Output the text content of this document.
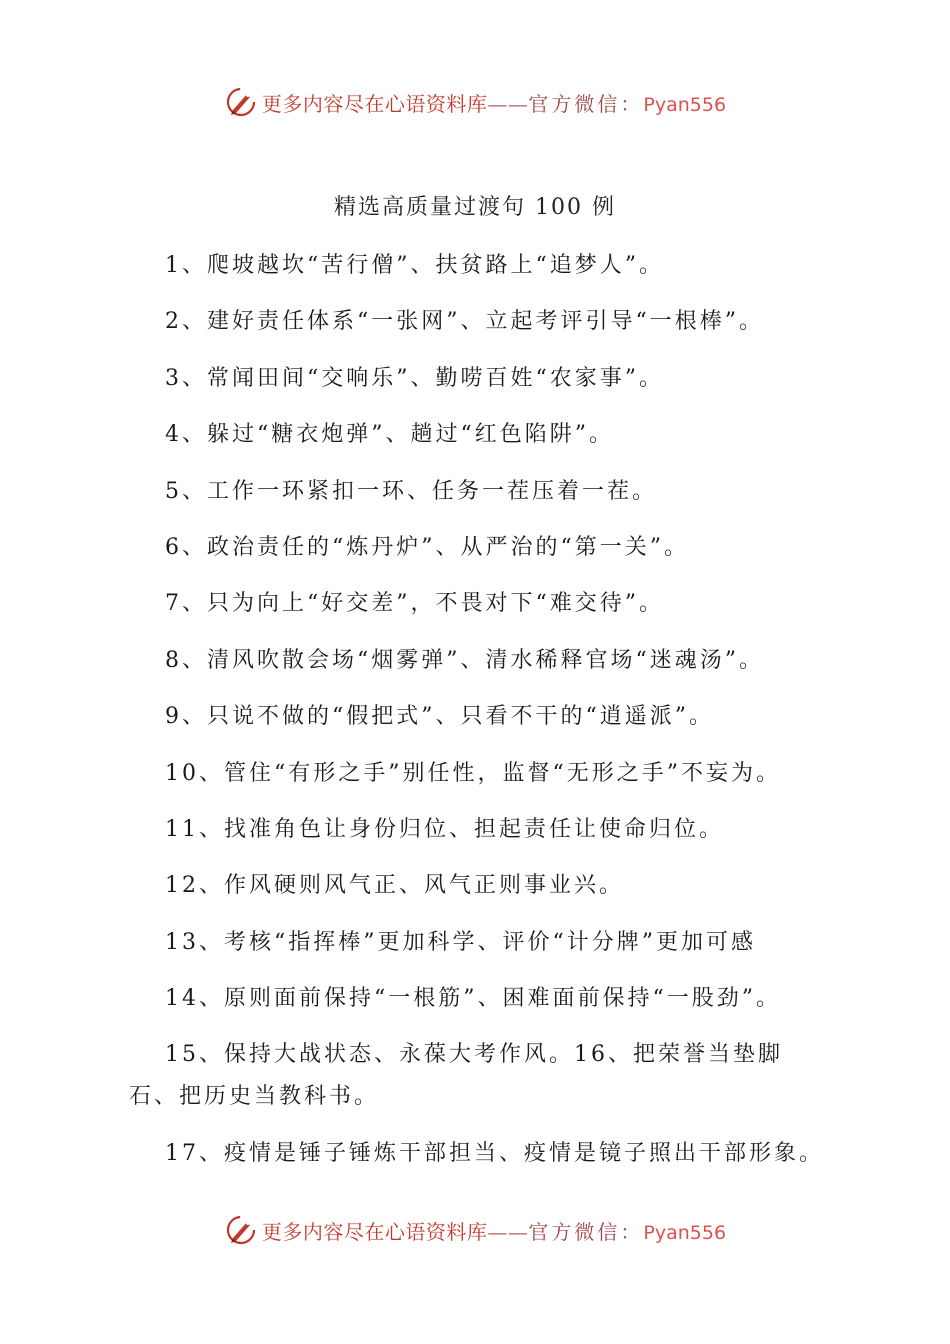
更多内容尽在心语资料库——官方微信：Pyan556
精选高质量过渡句 100 例

1、爬坡越坎“苦行僧”、扶贫路上“追梦人”。

2、建好责任体系“一张网”、立起考评引导“一根棒”。

3、常闻田间“交响乐”、勤唠百姓“农家事”。

4、躲过“糖衣炮弹”、趟过“红色陷阱”。

5、工作一环紧扣一环、任务一茬压着一茬。

6、政治责任的“炼丹炉”、从严治的“第一关”。

7、只为向上“好交差”，不畏对下“难交待”。

8、清风吹散会场“烟雾弹”、清水稀释官场“迷魂汤”。

9、只说不做的“假把式”、只看不干的“逍遥派”。

10、管住“有形之手”别任性，监督“无形之手”不妄为。

11、找准角色让身份归位、担起责任让使命归位。

12、作风硬则风气正、风气正则事业兴。

13、考核“指挥棒”更加科学、评价“计分牌”更加可感

14、原则面前保持“一根筋”、困难面前保持“一股劲”。

15、保持大战状态、永葆大考作风。16、把荣誉当垫脚石、把历史当教科书。

17、疫情是锤子锤炼干部担当、疫情是镜子照出干部形象。

更多内容尽在心语资料库——官方微信：Pyan556
